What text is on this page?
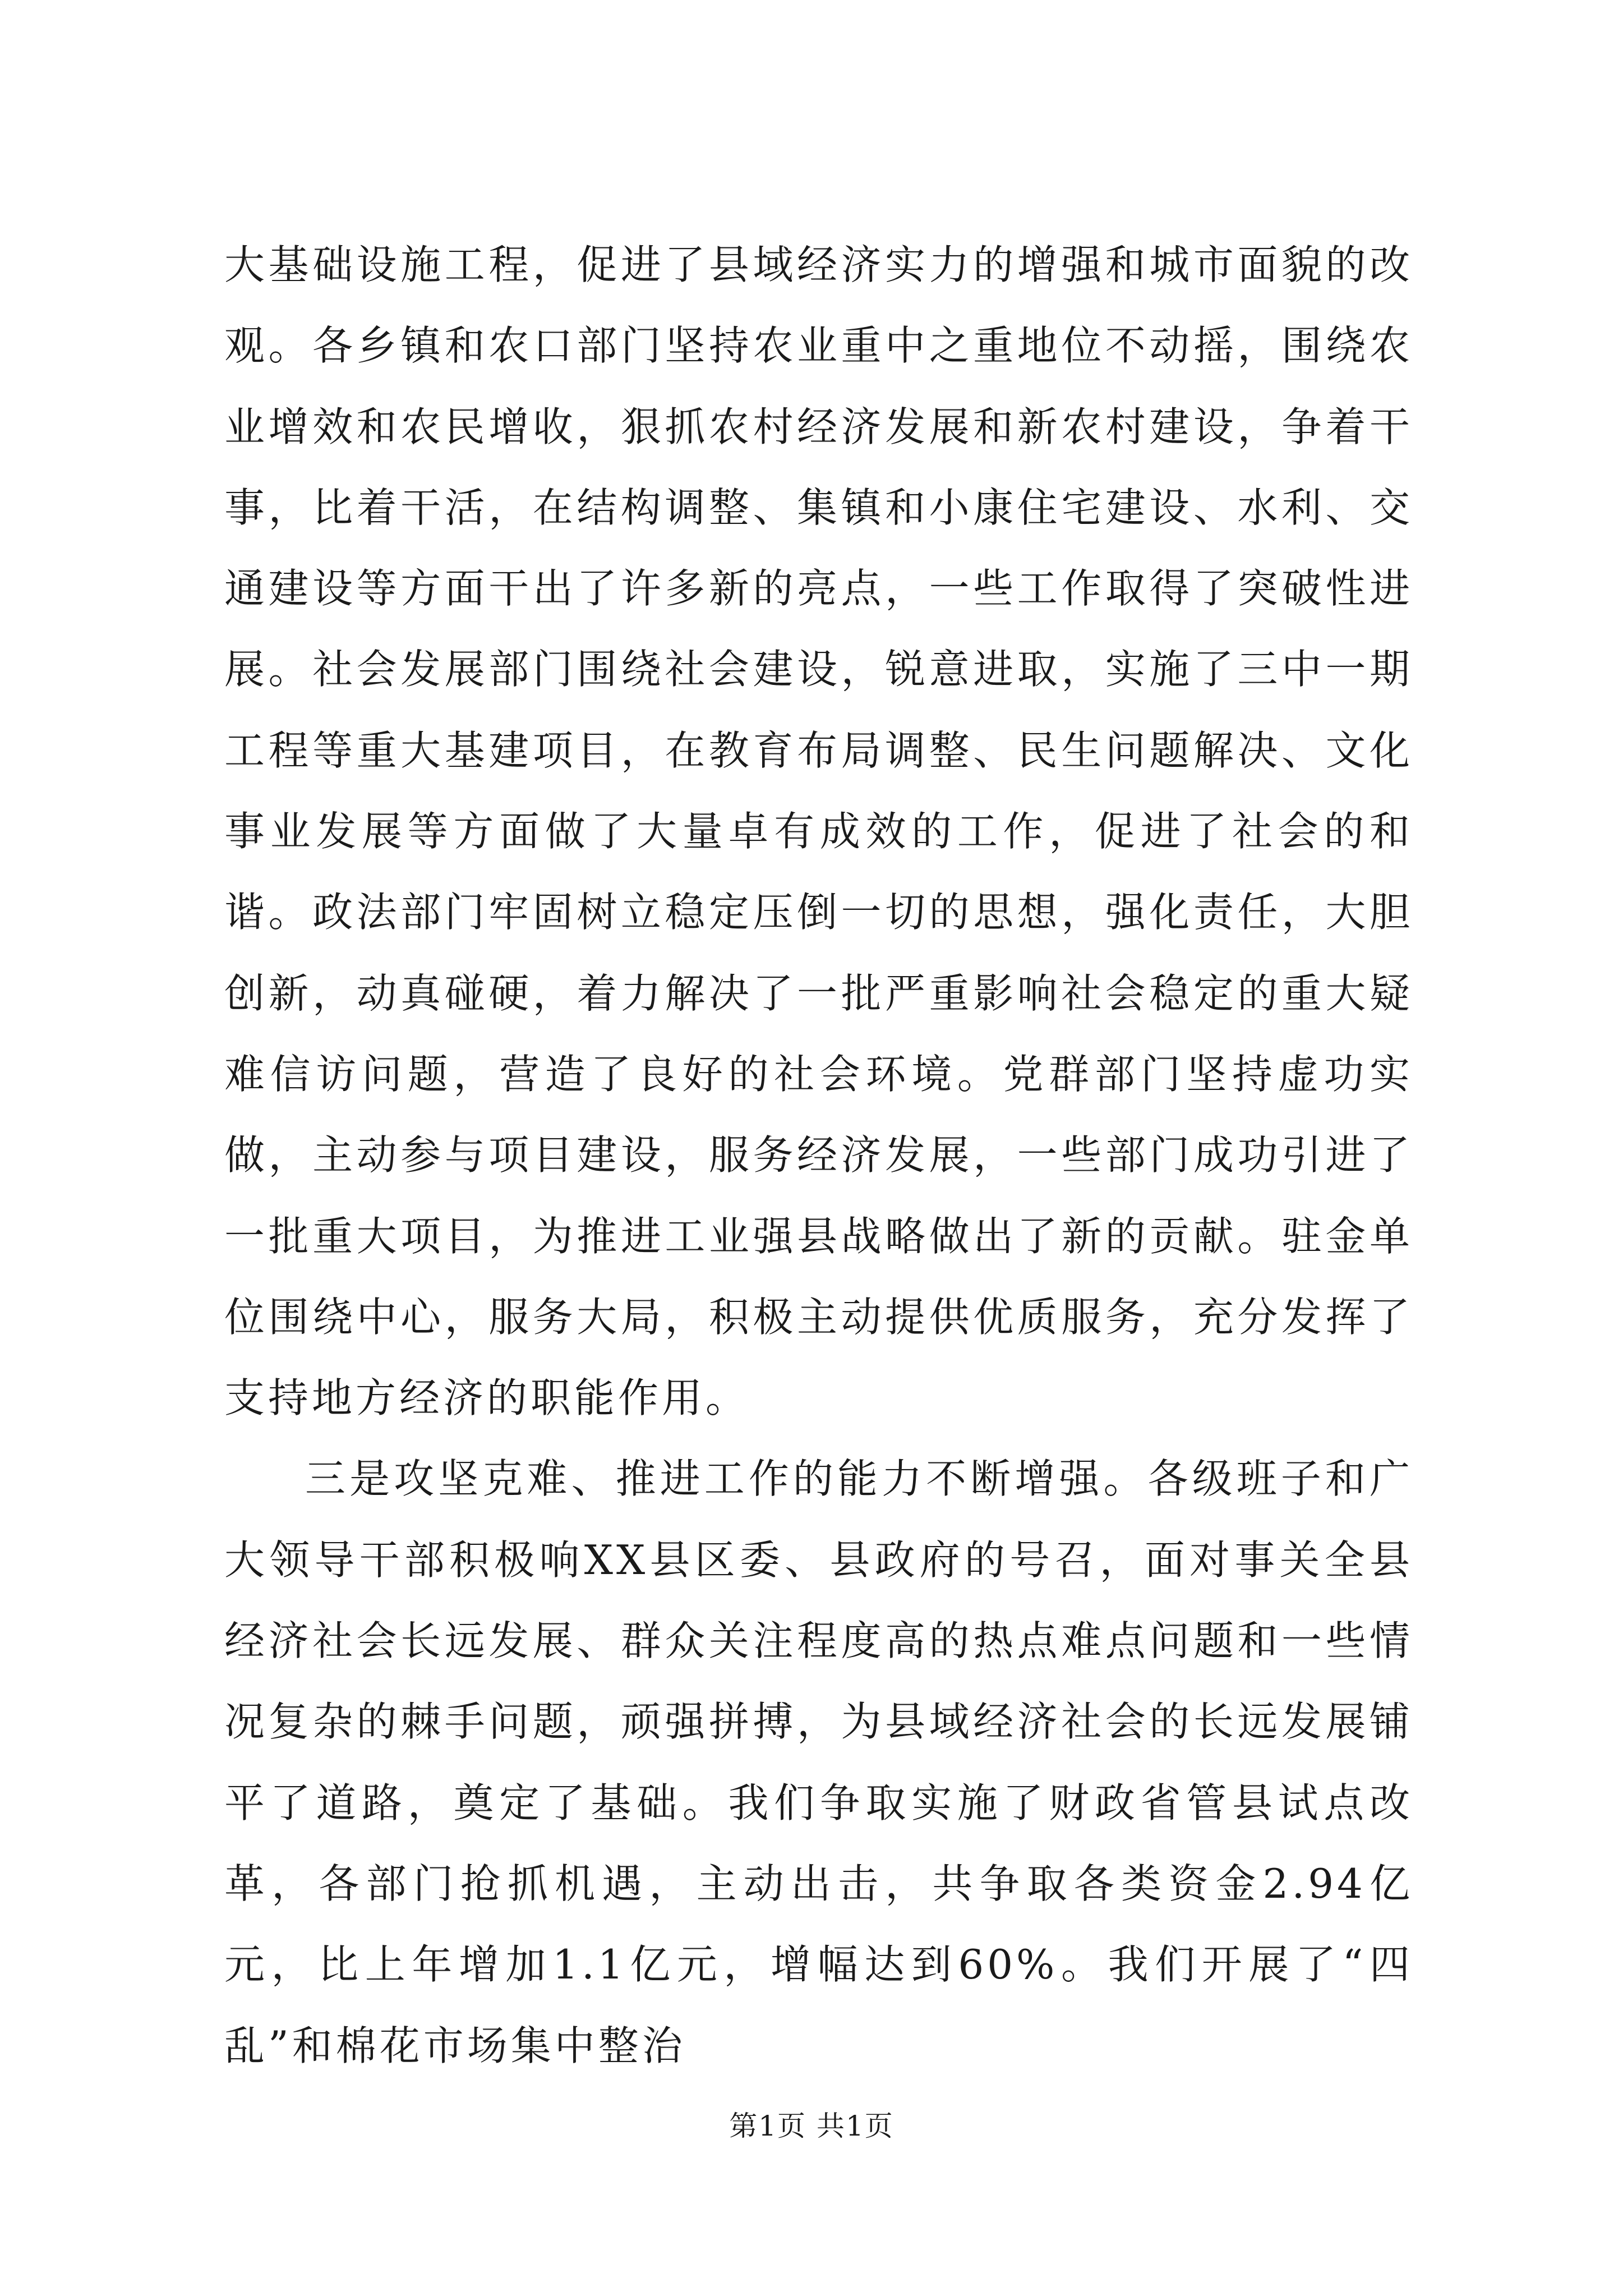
大基础设施工程，促进了县域经济实力的增强和城市面貌的改观。各乡镇和农口部门坚持农业重中之重地位不动摇，围绕农业增效和农民增收，狠抓农村经济发展和新农村建设，争着干事，比着干活，在结构调整、集镇和小康住宅建设、水利、交通建设等方面干出了许多新的亮点，一些工作取得了突破性进展。社会发展部门围绕社会建设，锐意进取，实施了三中一期工程等重大基建项目，在教育布局调整、民生问题解决、文化事业发展等方面做了大量卓有成效的工作，促进了社会的和谐。政法部门牢固树立稳定压倒一切的思想，强化责任，大胆创新，动真碰硬，着力解决了一批严重影响社会稳定的重大疑难信访问题，营造了良好的社会环境。党群部门坚持虚功实做，主动参与项目建设，服务经济发展，一些部门成功引进了一批重大项目，为推进工业强县战略做出了新的贡献。驻金单位围绕中心，服务大局，积极主动提供优质服务，充分发挥了支持地方经济的职能作用。

三是攻坚克难、推进工作的能力不断增强。各级班子和广大领导干部积极响XX县区委、县政府的号召，面对事关全县经济社会长远发展、群众关注程度高的热点难点问题和一些情况复杂的棘手问题，顽强拼搏，为县域经济社会的长远发展铺平了道路，奠定了基础。我们争取实施了财政省管县试点改革，各部门抢抓机遇，主动出击，共争取各类资金2.94亿元，比上年增加1.1亿元，增幅达到60%。我们开展了“四乱”和棉花市场集中整治

第1页 共1页
